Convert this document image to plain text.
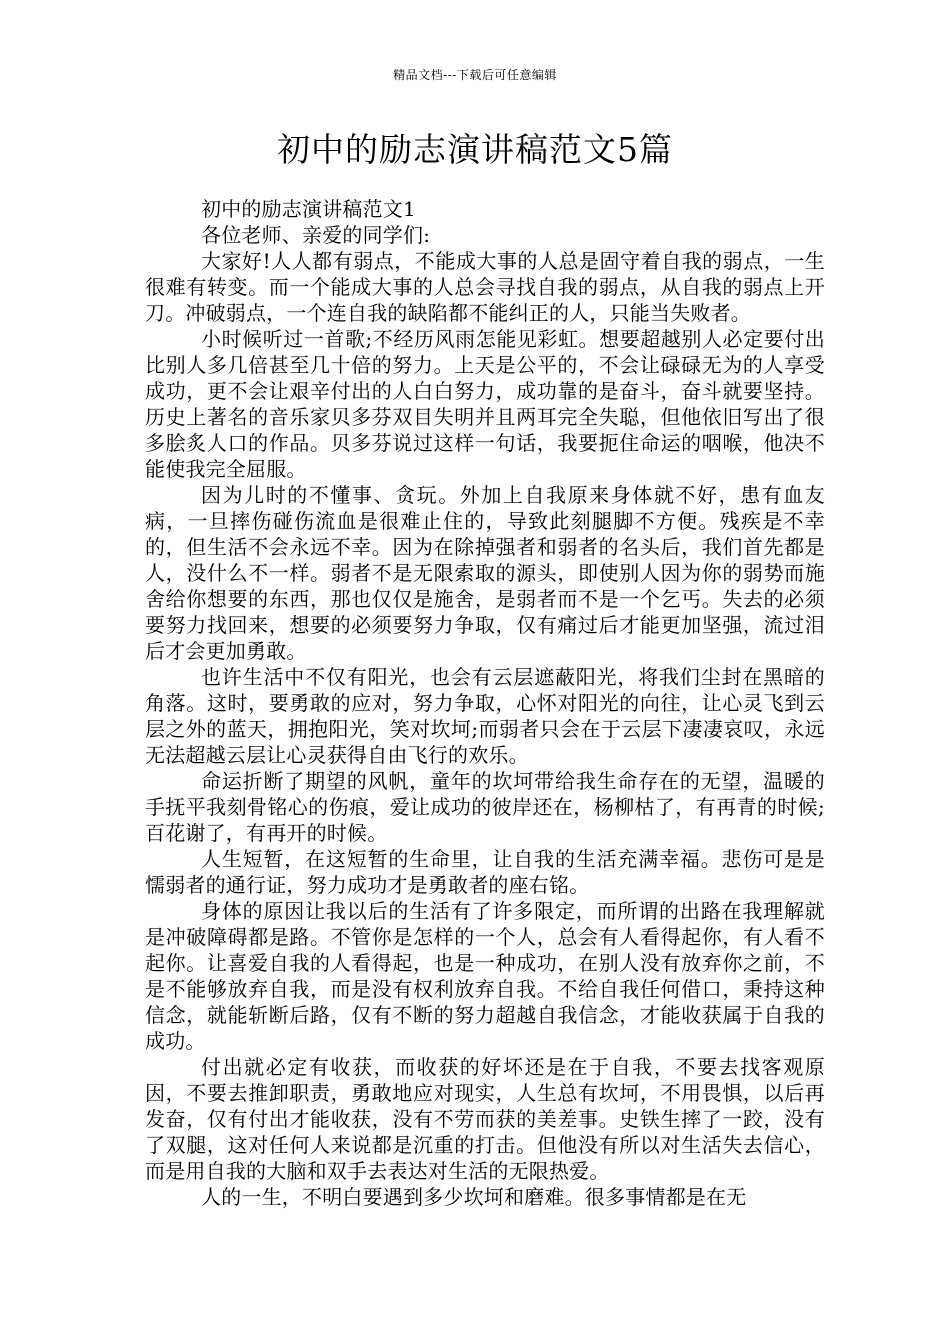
精品文档---下载后可任意编辑
初中的励志演讲稿范文5篇

初中的励志演讲稿范文1

各位老师、亲爱的同学们:

大家好!人人都有弱点，不能成大事的人总是固守着自我的弱点，一生很难有转变。而一个能成大事的人总会寻找自我的弱点，从自我的弱点上开刀。冲破弱点，一个连自我的缺陷都不能纠正的人，只能当失败者。

小时候听过一首歌;不经历风雨怎能见彩虹。想要超越别人必定要付出比别人多几倍甚至几十倍的努力。上天是公平的，不会让碌碌无为的人享受成功，更不会让艰辛付出的人白白努力，成功靠的是奋斗，奋斗就要坚持。历史上著名的音乐家贝多芬双目失明并且两耳完全失聪，但他依旧写出了很多脍炙人口的作品。贝多芬说过这样一句话，我要扼住命运的咽喉，他决不能使我完全屈服。

因为儿时的不懂事、贪玩。外加上自我原来身体就不好，患有血友病，一旦摔伤碰伤流血是很难止住的，导致此刻腿脚不方便。残疾是不幸的，但生活不会永远不幸。因为在除掉强者和弱者的名头后，我们首先都是人，没什么不一样。弱者不是无限索取的源头，即使别人因为你的弱势而施舍给你想要的东西，那也仅仅是施舍，是弱者而不是一个乞丐。失去的必须要努力找回来，想要的必须要努力争取，仅有痛过后才能更加坚强，流过泪后才会更加勇敢。

也许生活中不仅有阳光，也会有云层遮蔽阳光，将我们尘封在黑暗的角落。这时，要勇敢的应对，努力争取，心怀对阳光的向往，让心灵飞到云层之外的蓝天，拥抱阳光，笑对坎坷;而弱者只会在于云层下凄凄哀叹，永远无法超越云层让心灵获得自由飞行的欢乐。

命运折断了期望的风帆，童年的坎坷带给我生命存在的无望，温暖的手抚平我刻骨铭心的伤痕，爱让成功的彼岸还在，杨柳枯了，有再青的时候;百花谢了，有再开的时候。

人生短暂，在这短暂的生命里，让自我的生活充满幸福。悲伤可是是懦弱者的通行证，努力成功才是勇敢者的座右铭。

身体的原因让我以后的生活有了许多限定，而所谓的出路在我理解就是冲破障碍都是路。不管你是怎样的一个人，总会有人看得起你，有人看不起你。让喜爱自我的人看得起，也是一种成功，在别人没有放弃你之前，不是不能够放弃自我，而是没有权利放弃自我。不给自我任何借口，秉持这种信念，就能斩断后路，仅有不断的努力超越自我信念，才能收获属于自我的成功。

付出就必定有收获，而收获的好坏还是在于自我，不要去找客观原因，不要去推卸职责，勇敢地应对现实，人生总有坎坷，不用畏惧，以后再发奋，仅有付出才能收获，没有不劳而获的美差事。史铁生摔了一跤，没有了双腿，这对任何人来说都是沉重的打击。但他没有所以对生活失去信心，而是用自我的大脑和双手去表达对生活的无限热爱。

人的一生，不明白要遇到多少坎坷和磨难。很多事情都是在无
